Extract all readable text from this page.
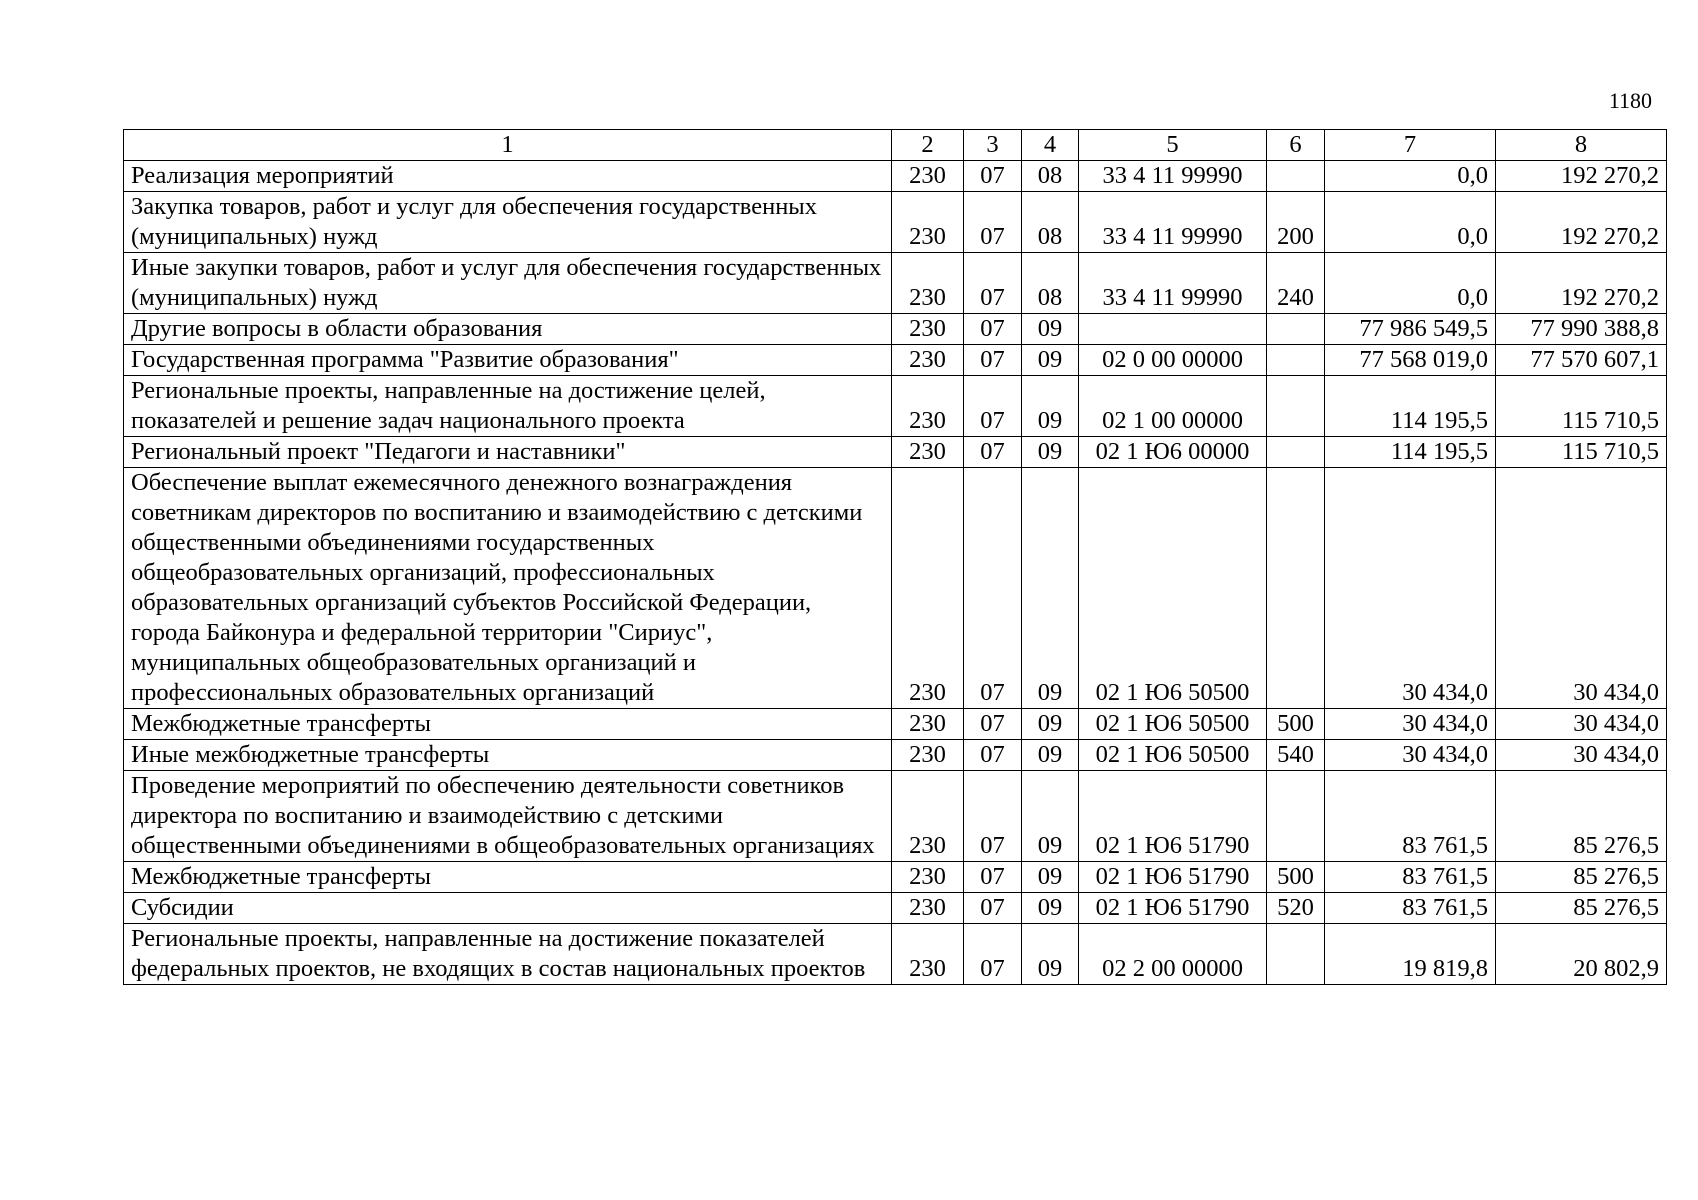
1180
1	2	3	4	5	6	7	8
Реализация мероприятий	230	07	08	33 4 11 99990		0,0	192 270,2
Закупка товаров, работ и услуг для обеспечения государственных (муниципальных) нужд	230	07	08	33 4 11 99990	200	0,0	192 270,2
Иные закупки товаров, работ и услуг для обеспечения государственных (муниципальных) нужд	230	07	08	33 4 11 99990	240	0,0	192 270,2
Другие вопросы в области образования	230	07	09			77 986 549,5	77 990 388,8
Государственная программа "Развитие образования"	230	07	09	02 0 00 00000		77 568 019,0	77 570 607,1
Региональные проекты, направленные на достижение целей, показателей и решение задач национального проекта	230	07	09	02 1 00 00000		114 195,5	115 710,5
Региональный проект "Педагоги и наставники"	230	07	09	02 1 Ю6 00000		114 195,5	115 710,5
Обеспечение выплат ежемесячного денежного вознаграждения советникам директоров по воспитанию и взаимодействию с детскими общественными объединениями государственных общеобразовательных организаций, профессиональных образовательных организаций субъектов Российской Федерации, города Байконура и федеральной территории "Сириус", муниципальных общеобразовательных организаций и профессиональных образовательных организаций	230	07	09	02 1 Ю6 50500		30 434,0	30 434,0
Межбюджетные трансферты	230	07	09	02 1 Ю6 50500	500	30 434,0	30 434,0
Иные межбюджетные трансферты	230	07	09	02 1 Ю6 50500	540	30 434,0	30 434,0
Проведение мероприятий по обеспечению деятельности советников директора по воспитанию и взаимодействию с детскими общественными объединениями в общеобразовательных организациях	230	07	09	02 1 Ю6 51790		83 761,5	85 276,5
Межбюджетные трансферты	230	07	09	02 1 Ю6 51790	500	83 761,5	85 276,5
Субсидии	230	07	09	02 1 Ю6 51790	520	83 761,5	85 276,5
Региональные проекты, направленные на достижение показателей федеральных проектов, не входящих в состав национальных проектов	230	07	09	02 2 00 00000		19 819,8	20 802,9
